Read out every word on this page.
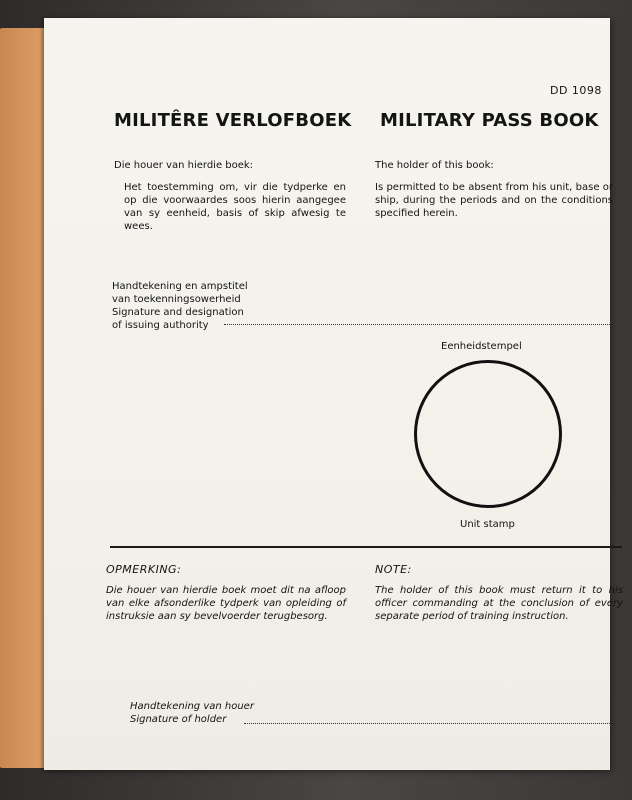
DD 1098
MILITÊRE VERLOFBOEK MILITARY PASS BOOK
Die houer van hierdie boek:	The holder of this book:
Het toestemming om, vir die tydperke en op die voorwaardes soos hierin aangegee van sy eenheid, basis of skip afwesig te wees.
Is permitted to be absent from his unit, base or ship, during the periods and on the conditions specified herein.
Handtekening en ampstitel
van toekenningsowerheid
Signature and designation
of issuing authority
Eenheidstempel
Unit stamp
OPMERKING:	NOTE:
Die houer van hierdie boek moet dit na afloop van elke afsonderlike tydperk van opleiding of instruksie aan sy bevelvoerder terugbesorg.
The holder of this book must return it to his officer commanding at the conclusion of every separate period of training instruction.
Handtekening van houer
Signature of holder
